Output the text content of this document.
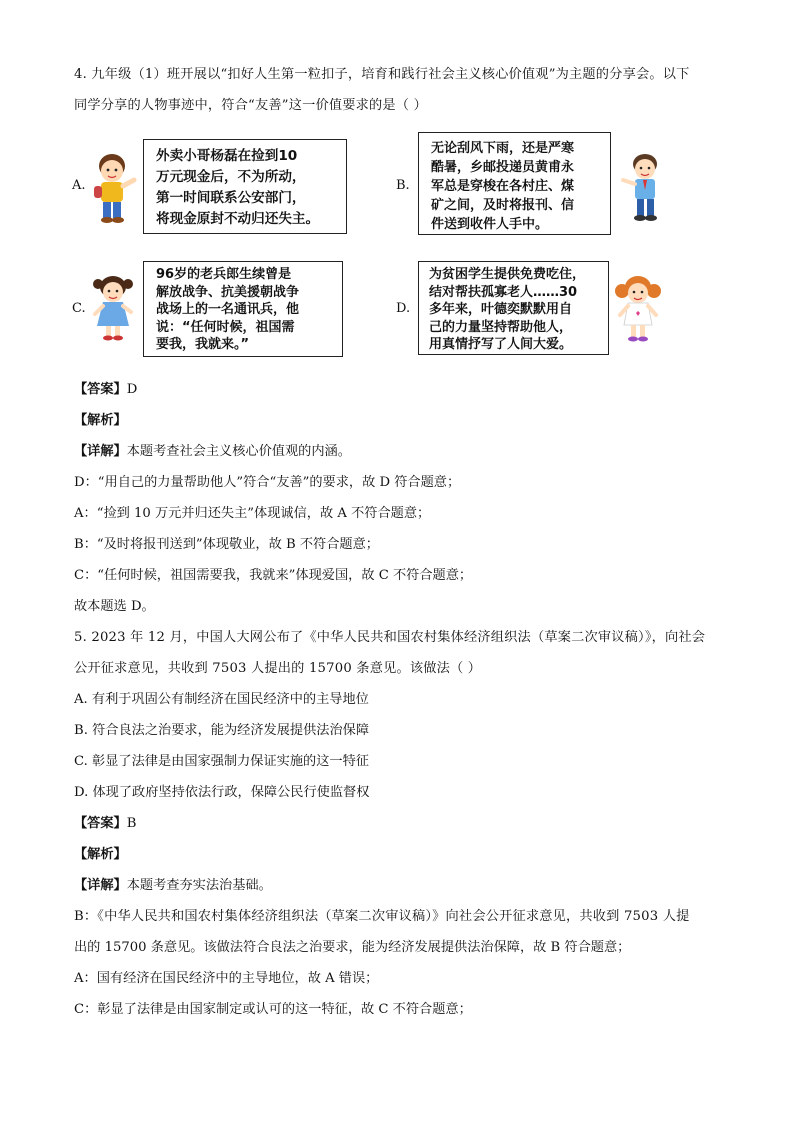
4. 九年级（1）班开展以“扣好人生第一粒扣子，培育和践行社会主义核心价值观”为主题的分享会。以下
同学分享的人物事迹中，符合“友善”这一价值要求的是（ ）
A.
外卖小哥杨磊在捡到10
万元现金后，不为所动，
第一时间联系公安部门，
将现金原封不动归还失主。
B.
无论刮风下雨，还是严寒
酷暑，乡邮投递员黄甫永
军总是穿梭在各村庄、煤
矿之间，及时将报刊、信
件送到收件人手中。
C.
96岁的老兵郎生续曾是
解放战争、抗美援朝战争
战场上的一名通讯兵，他
说：“任何时候，祖国需
要我，我就来。”
D.
为贫困学生提供免费吃住，
结对帮扶孤寡老人……30
多年来，叶德奕默默用自
己的力量坚持帮助他人，
用真情抒写了人间大爱。
【答案】D
【解析】
【详解】本题考查社会主义核心价值观的内涵。
D：“用自己的力量帮助他人”符合“友善”的要求，故 D 符合题意；
A：“捡到 10 万元并归还失主”体现诚信，故 A 不符合题意；
B：“及时将报刊送到”体现敬业，故 B 不符合题意；
C：“任何时候，祖国需要我，我就来”体现爱国，故 C 不符合题意；
故本题选 D。
5. 2023 年 12 月，中国人大网公布了《中华人民共和国农村集体经济组织法（草案二次审议稿）》，向社会
公开征求意见，共收到 7503 人提出的 15700 条意见。该做法（ ）
A. 有利于巩固公有制经济在国民经济中的主导地位
B. 符合良法之治要求，能为经济发展提供法治保障
C. 彰显了法律是由国家强制力保证实施的这一特征
D. 体现了政府坚持依法行政，保障公民行使监督权
【答案】B
【解析】
【详解】本题考查夯实法治基础。
B：《中华人民共和国农村集体经济组织法（草案二次审议稿）》向社会公开征求意见，共收到 7503 人提
出的 15700 条意见。该做法符合良法之治要求，能为经济发展提供法治保障，故 B 符合题意；
A：国有经济在国民经济中的主导地位，故 A 错误；
C：彰显了法律是由国家制定或认可的这一特征，故 C 不符合题意；
